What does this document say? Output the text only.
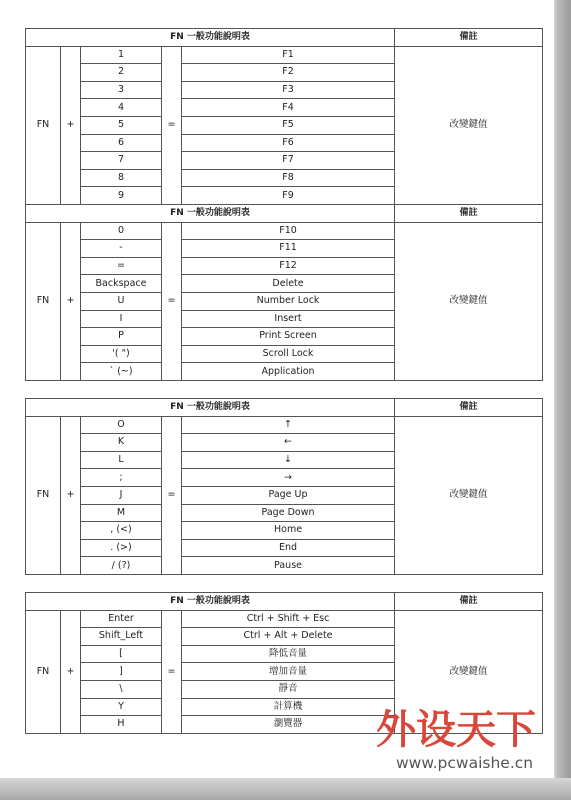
FN 一般功能說明表					備註
FN	+	1	=	F1	改變鍵值
		2		F2	
		3		F3	
		4		F4	
		5		F5	
		6		F6	
		7		F7	
		8		F8	
		9		F9	
FN 一般功能說明表					備註
FN	+	0	=	F10	改變鍵值
		-		F11	
		=		F12	
		Backspace		Delete	
		U		Number Lock	
		I		Insert	
		P		Print Screen	
		'( ")		Scroll Lock	
		` (~)		Application	
FN 一般功能說明表					備註
FN	+	O	=	↑	改變鍵值
		K		←	
		L		↓	
		;		→	
		J		Page Up	
		M		Page Down	
		, (<)		Home	
		. (>)		End	
		/ (?)		Pause	
FN 一般功能說明表					備註
FN	+	Enter	=	Ctrl + Shift + Esc	改變鍵值
		Shift_Left		Ctrl + Alt + Delete	
		[		降低音量	
		]		增加音量	
		\		靜音	
		Y		計算機	
		H		瀏覽器	外设天下
www.pcwaishe.cn
